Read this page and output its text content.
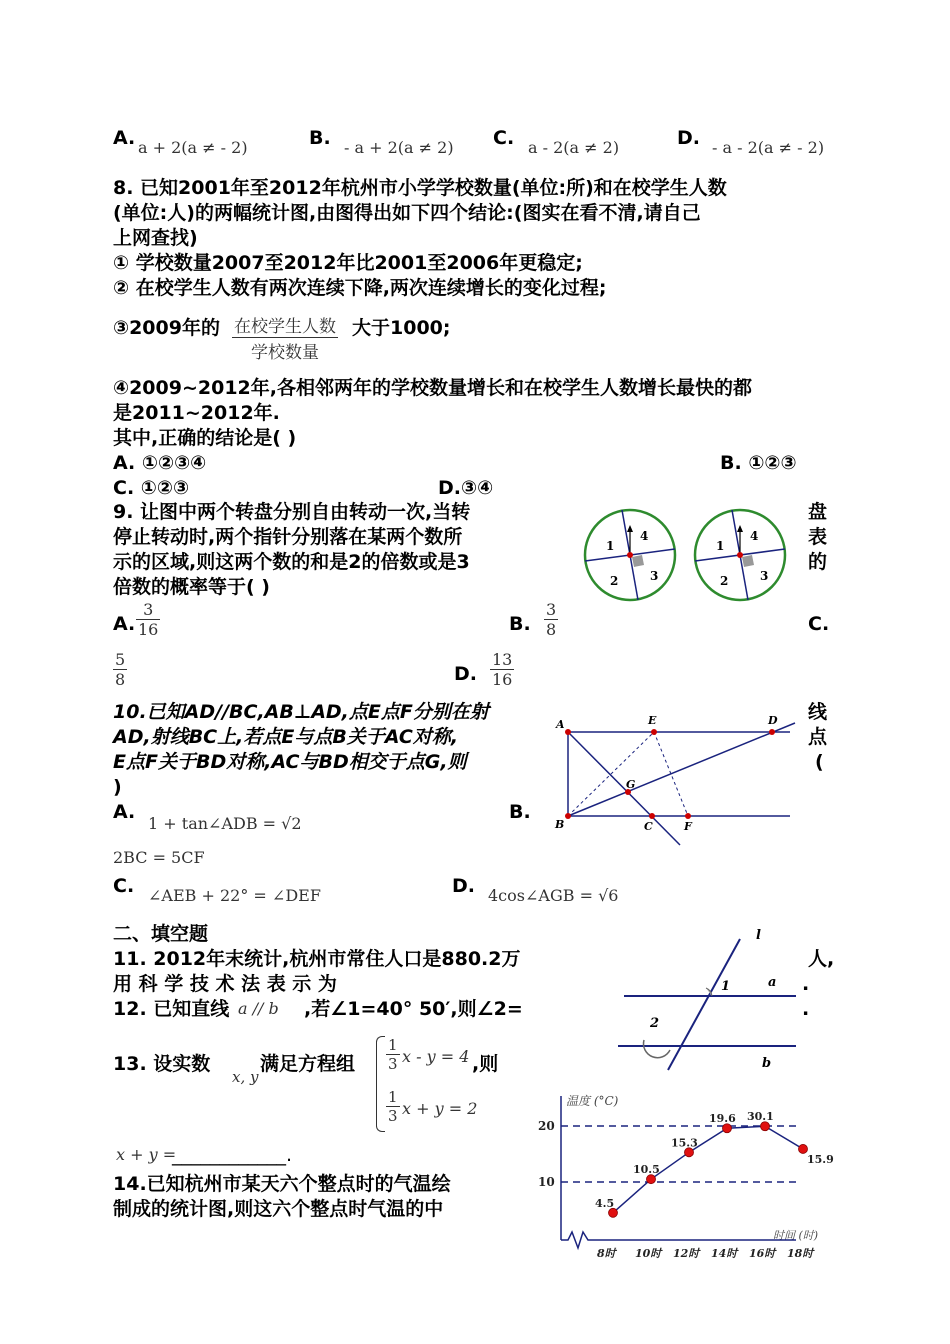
A. a + 2(a ≠ - 2)	B. - a + 2(a ≠ 2) C. a - 2(a ≠ 2)	D. - a - 2(a ≠ - 2)
8. 已知2001年至2012年杭州市小学学校数量(单位:所)和在校学生人数
(单位:人)的两幅统计图,由图得出如下四个结论:(图实在看不清,请自己
上网查找)
① 学校数量2007至2012年比2001至2006年更稳定;
② 在校学生人数有两次连续下降,两次连续增长的变化过程;
③2009年的 在校学生人数
学校数量
大于1000;
④2009~2012年,各相邻两年的学校数量增长和在校学生人数增长最快的都
是2011~2012年.
其中,正确的结论是( )
A. ①②③④	B. ①②③
C. ①②③	D.③④
9. 让图中两个转盘分别自由转动一次,当转
停止转动时,两个指针分别落在某两个数所
示的区域,则这两个数的和是2的倍数或是3
倍数的概率等于( )
盘
表
的
1
4
2	3
1
4
2	3
A. $\frac{3}{16}$	B. $\frac{3}{8}$	C.
$\frac{5}{8}$	D. $\frac{13}{16}$
10.已知AD//BC,AB⊥AD,点E点F分别在射
AD,射线BC上,若点E与点B关于AC对称,
E点F关于BD对称,AC与BD相交于点G,则
)
线
点
(
A	E	D
G
B	C	F
A.
1 + tan∠ADB = √2
B.
2BC = 5CF
C. ∠AEB + 22° = ∠DEF	D. 4cos∠AGB = √6
二、填空题
11. 2012年末统计,杭州市常住人口是880.2万	人,
用 科 学 技 术 法 表 示 为	.
12. 已知直线 a // b ,若∠1=40° 50′,则∠2=	.
l
a
b
1
2
13. 设实数
x, y
满足方程组 $\frac{1}{3}$ x - y = 4
$\frac{1}{3}$ x + y = 2
,则
x + y =
____________.
14.已知杭州市某天六个整点时的气温绘
制成的统计图,则这六个整点时气温的中
温度 (°C)
时间 (时)
10
20
4.5
8时
10.5
10时
15.3
12时
19.6
14时
30.1
16时
15.9
18时
